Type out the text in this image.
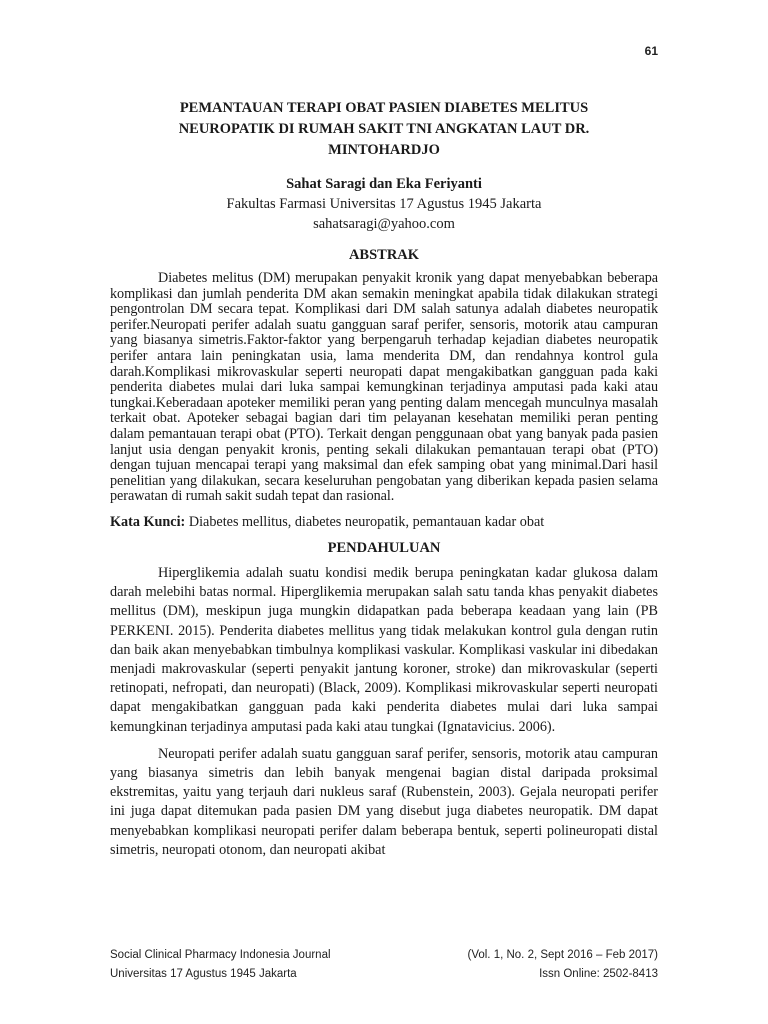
61
PEMANTAUAN TERAPI OBAT PASIEN DIABETES MELITUS NEUROPATIK DI RUMAH SAKIT TNI ANGKATAN LAUT DR. MINTOHARDJO
Sahat Saragi dan Eka Feriyanti
Fakultas Farmasi Universitas 17 Agustus 1945 Jakarta
sahatsaragi@yahoo.com
ABSTRAK

Diabetes melitus (DM) merupakan penyakit kronik yang dapat menyebabkan beberapa komplikasi dan jumlah penderita DM akan semakin meningkat apabila tidak dilakukan strategi pengontrolan DM secara tepat. Komplikasi dari DM salah satunya adalah diabetes neuropatik perifer.Neuropati perifer adalah suatu gangguan saraf perifer, sensoris, motorik atau campuran yang biasanya simetris.Faktor-faktor yang berpengaruh terhadap kejadian diabetes neuropatik perifer antara lain peningkatan usia, lama menderita DM, dan rendahnya kontrol gula darah.Komplikasi mikrovaskular seperti neuropati dapat mengakibatkan gangguan pada kaki penderita diabetes mulai dari luka sampai kemungkinan terjadinya amputasi pada kaki atau tungkai.Keberadaan apoteker memiliki peran yang penting dalam mencegah munculnya masalah terkait obat. Apoteker sebagai bagian dari tim pelayanan kesehatan memiliki peran penting dalam pemantauan terapi obat (PTO). Terkait dengan penggunaan obat yang banyak pada pasien lanjut usia dengan penyakit kronis, penting sekali dilakukan pemantauan terapi obat (PTO) dengan tujuan mencapai terapi yang maksimal dan efek samping obat yang minimal.Dari hasil penelitian yang dilakukan, secara keseluruhan pengobatan yang diberikan kepada pasien selama perawatan di rumah sakit sudah tepat dan rasional.

Kata Kunci: Diabetes mellitus, diabetes neuropatik, pemantauan kadar obat

PENDAHULUAN

Hiperglikemia adalah suatu kondisi medik berupa peningkatan kadar glukosa dalam darah melebihi batas normal. Hiperglikemia merupakan salah satu tanda khas penyakit diabetes mellitus (DM), meskipun juga mungkin didapatkan pada beberapa keadaan yang lain (PB PERKENI. 2015). Penderita diabetes mellitus yang tidak melakukan kontrol gula dengan rutin dan baik akan menyebabkan timbulnya komplikasi vaskular. Komplikasi vaskular ini dibedakan menjadi makrovaskular (seperti penyakit jantung koroner, stroke) dan mikrovaskular (seperti retinopati, nefropati, dan neuropati) (Black, 2009). Komplikasi mikrovaskular seperti neuropati dapat mengakibatkan gangguan pada kaki penderita diabetes mulai dari luka sampai kemungkinan terjadinya amputasi pada kaki atau tungkai (Ignatavicius. 2006).

Neuropati perifer adalah suatu gangguan saraf perifer, sensoris, motorik atau campuran yang biasanya simetris dan lebih banyak mengenai bagian distal daripada proksimal ekstremitas, yaitu yang terjauh dari nukleus saraf (Rubenstein, 2003). Gejala neuropati perifer ini juga dapat ditemukan pada pasien DM yang disebut juga diabetes neuropatik. DM dapat menyebabkan komplikasi neuropati perifer dalam beberapa bentuk, seperti polineuropati distal simetris, neuropati otonom, dan neuropati akibat

Social Clinical Pharmacy Indonesia Journal	(Vol. 1, No. 2, Sept 2016 – Feb 2017)
Universitas 17 Agustus 1945 Jakarta	Issn Online: 2502-8413
